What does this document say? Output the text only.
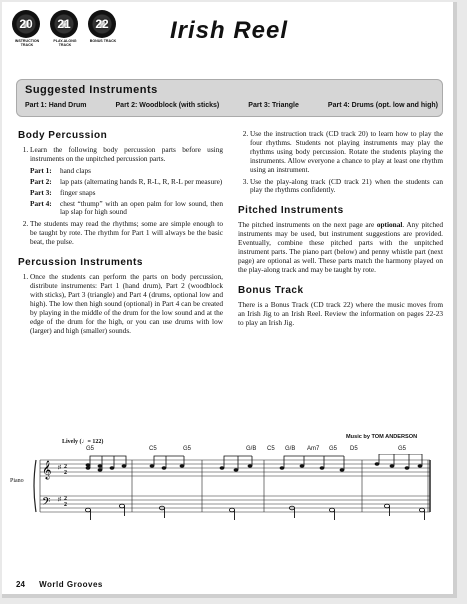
20
INSTRUCTION TRACK
21
PLAY-ALONG TRACK
22
BONUS TRACK Irish Reel
Suggested Instruments
Part 1: Hand Drum	Part 2: Woodblock (with sticks)	Part 3: Triangle	Part 4: Drums (opt. low and high)
Body Percussion
1. Learn the following body percussion parts before using instruments on the unpitched percussion parts.
Part 1:	hand claps
Part 2:	lap pats (alternating hands R, R-L, R, R-L per measure)
Part 3:	finger snaps
Part 4:	chest “thump” with an open palm for low sound, then lap slap for high sound
2. The students may read the rhythms; some are simple enough to be taught by rote. The rhythm for Part 1 will always be the basic beat, the pulse.
Percussion Instruments
1. Once the students can perform the parts on body percussion, distribute instruments: Part 1 (hand drum), Part 2 (woodblock with sticks), Part 3 (triangle) and Part 4 (drums, optional low and high). The low then high sound (optional) in Part 4 can be created by playing in the middle of the drum for the low sound and at the edge of the drum for the high, or you can use drums with low (larger) and high (smaller) sounds.
2. Use the instruction track (CD track 20) to learn how to play the four rhythms. Students not playing instruments may play the rhythms using body percussion. Rotate the students playing the instruments. Allow everyone a chance to play at least one rhythm using an instrument.
3. Use the play-along track (CD track 21) when the students can play the rhythms confidently.
Pitched Instruments

The pitched instruments on the next page are optional. Any pitched instruments may be used, but instrument suggestions are provided. Eventually, combine these pitched parts with the unpitched instrument parts. The piano part (below) and penny whistle part (next page) are optional as well. These parts match the harmony played on the play-along track and may be taught by rote.

Bonus Track

There is a Bonus Track (CD track 22) where the music moves from an Irish Jig to an Irish Reel. Review the information on pages 22-23 to play an Irish Jig.

Music by TOM ANDERSON
Lively (♩= 122)
G5	C5	G5	G/B C5 G/B Am7 G5 D5	G5
Piano
𝄞
𝄢
♯
♯
2
2
2
2
24 World Grooves
